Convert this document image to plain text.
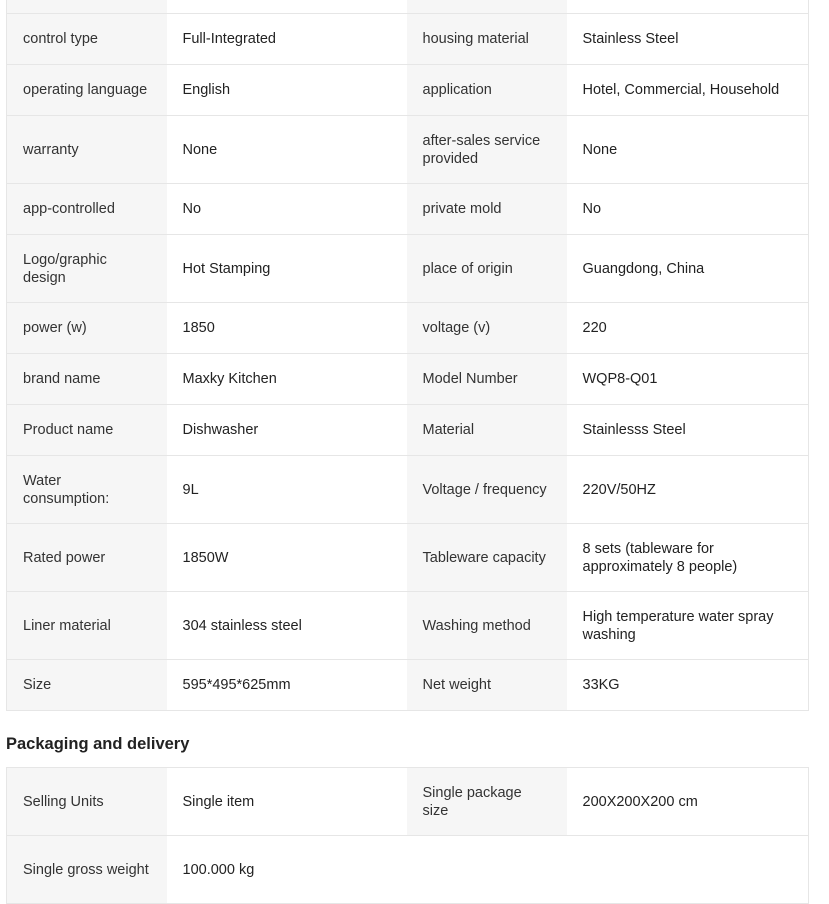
control type	Full-Integrated	housing material	Stainless Steel
operating language	English	application	Hotel, Commercial, Household
warranty	None	after-sales service provided	None
app-controlled	No	private mold	No
Logo/graphic design	Hot Stamping	place of origin	Guangdong, China
power (w)	1850	voltage (v)	220
brand name	Maxky Kitchen	Model Number	WQP8-Q01
Product name	Dishwasher	Material	Stainlesss Steel
Water consumption:	9L	Voltage / frequency	220V/50HZ
Rated power	1850W	Tableware capacity	8 sets (tableware for approximately 8 people)
Liner material	304 stainless steel	Washing method	High temperature water spray washing
Size	595*495*625mm	Net weight	33KG
Packaging and delivery
Selling Units	Single item	Single package size	200X200X200 cm
Single gross weight	100.000 kg		
